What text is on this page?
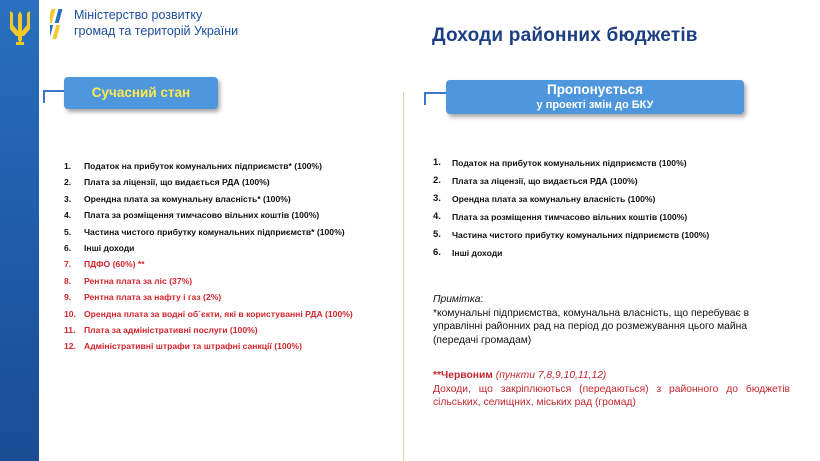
Міністерство розвитку
громад та територій України	Доходи районних бюджетів
Сучасний стан	Пропонується
у проекті змін до БКУ
1.	Податок на прибуток комунальних підприємств* (100%)
2.	Плата за ліцензії, що видається РДА (100%)
3.	Орендна плата за комунальну власність* (100%)
4.	Плата за розміщення тимчасово вільних коштів (100%)
5.	Частина чистого прибутку комунальних підприємств* (100%)
6.	Інші доходи
7.	ПДФО (60%) **
8.	Рентна плата за ліс (37%)
9.	Рентна плата за нафту і газ (2%)
10. Орендна плата за водні об`єкти, які в користуванні РДА (100%)
11. Плата за адміністративні послуги (100%)
12. Адміністративні штрафи та штрафні санкції (100%)
1.	Податок на прибуток комунальних підприємств (100%)
2.	Плата за ліцензії, що видається РДА (100%)
3.	Орендна плата за комунальну власність (100%)
4.	Плата за розміщення тимчасово вільних коштів (100%)
5.	Частина чистого прибутку комунальних підприємств (100%)
6.	Інші доходи
Примітка:
*комунальні підприємства, комунальна власність, що перебуває в управлінні районних рад на період до розмежування цього майна (передачі громадам)
**Червоним (пункти 7,8,9,10,11,12)
Доходи, що закріплюються (передаються) з районного до бюджетів сільських, селищних, міських рад (громад)
